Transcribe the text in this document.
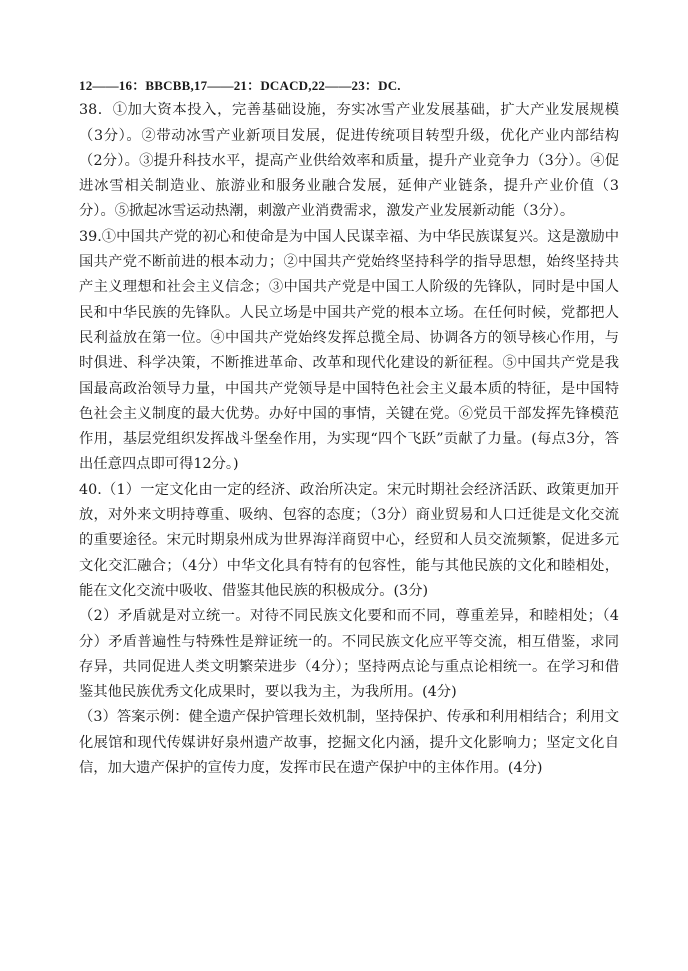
12——16：BBCBB,17——21：DCACD,22——23：DC.

38．①加大资本投入，完善基础设施，夯实冰雪产业发展基础，扩大产业发展规模（3分）。②带动冰雪产业新项目发展，促进传统项目转型升级，优化产业内部结构（2分）。③提升科技水平，提高产业供给效率和质量，提升产业竞争力（3分）。④促进冰雪相关制造业、旅游业和服务业融合发展，延伸产业链条，提升产业价值（3分）。⑤掀起冰雪运动热潮，刺激产业消费需求，激发产业发展新动能（3分）。

39.①中国共产党的初心和使命是为中国人民谋幸福、为中华民族谋复兴。这是激励中国共产党不断前进的根本动力；②中国共产党始终坚持科学的指导思想，始终坚持共产主义理想和社会主义信念；③中国共产党是中国工人阶级的先锋队，同时是中国人民和中华民族的先锋队。人民立场是中国共产党的根本立场。在任何时候，党都把人民利益放在第一位。④中国共产党始终发挥总揽全局、协调各方的领导核心作用，与时俱进、科学决策，不断推进革命、改革和现代化建设的新征程。⑤中国共产党是我国最高政治领导力量，中国共产党领导是中国特色社会主义最本质的特征，是中国特色社会主义制度的最大优势。办好中国的事情，关键在党。⑥党员干部发挥先锋模范作用，基层党组织发挥战斗堡垒作用，为实现“四个飞跃”贡献了力量。(每点3分，答出任意四点即可得12分。)

40.（1）一定文化由一定的经济、政治所决定。宋元时期社会经济活跃、政策更加开放，对外来文明持尊重、吸纳、包容的态度；（3分）商业贸易和人口迁徙是文化交流的重要途径。宋元时期泉州成为世界海洋商贸中心，经贸和人员交流频繁，促进多元文化交汇融合；（4分）中华文化具有特有的包容性，能与其他民族的文化和睦相处，能在文化交流中吸收、借鉴其他民族的积极成分。(3分)

（2）矛盾就是对立统一。对待不同民族文化要和而不同，尊重差异，和睦相处；（4分）矛盾普遍性与特殊性是辩证统一的。不同民族文化应平等交流，相互借鉴，求同存异，共同促进人类文明繁荣进步（4分）；坚持两点论与重点论相统一。在学习和借鉴其他民族优秀文化成果时，要以我为主，为我所用。(4分)

（3）答案示例：健全遗产保护管理长效机制，坚持保护、传承和利用相结合；利用文化展馆和现代传媒讲好泉州遗产故事，挖掘文化内涵，提升文化影响力；坚定文化自信，加大遗产保护的宣传力度，发挥市民在遗产保护中的主体作用。(4分)
